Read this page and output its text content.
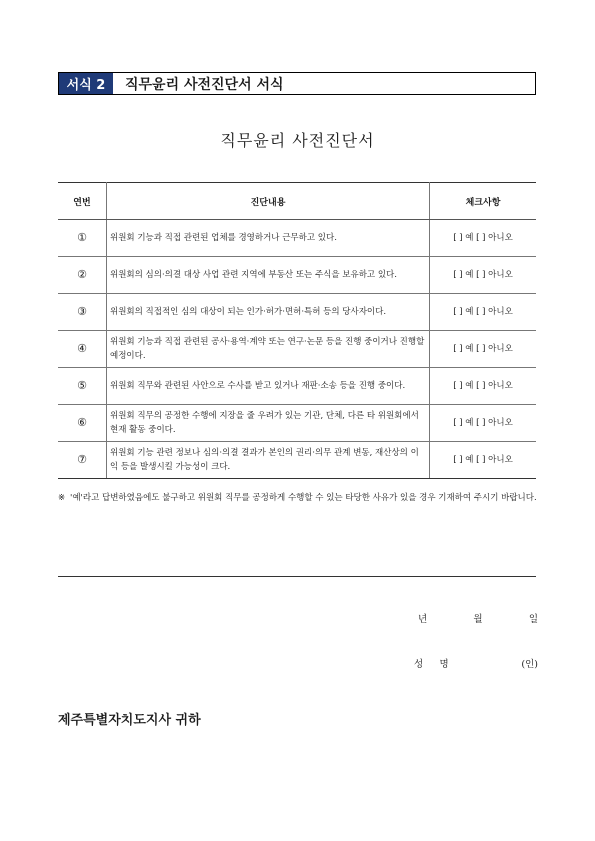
서식 2	직무윤리 사전진단서 서식
직무윤리 사전진단서
연번	진단내용	체크사항
①	위원회 기능과 직접 관련된 업체를 경영하거나 근무하고 있다.	[ ] 예 [ ] 아니오
②	위원회의 심의·의결 대상 사업 관련 지역에 부동산 또는 주식을 보유하고 있다.	[ ] 예 [ ] 아니오
③	위원회의 직접적인 심의 대상이 되는 인가·허가·면허·특허 등의 당사자이다.	[ ] 예 [ ] 아니오
④	위원회 기능과 직접 관련된 공사·용역·계약 또는 연구·논문 등을 진행 중이거나 진행할 예정이다.	[ ] 예 [ ] 아니오
⑤	위원회 직무와 관련된 사안으로 수사를 받고 있거나 재판·소송 등을 진행 중이다.	[ ] 예 [ ] 아니오
⑥	위원회 직무의 공정한 수행에 지장을 줄 우려가 있는 기관, 단체, 다른 타 위원회에서 현재 활동 중이다.	[ ] 예 [ ] 아니오
⑦	위원회 기능 관련 정보나 심의·의결 결과가 본인의 권리·의무 관계 변동, 재산상의 이익 등을 발생시킬 가능성이 크다.	[ ] 예 [ ] 아니오
※ '예'라고 답변하였음에도 불구하고 위원회 직무를 공정하게 수행할 수 있는 타당한 사유가 있을 경우 기재하여 주시기 바랍니다.
년	월	일
성 명	(인)
제주특별자치도지사 귀하
